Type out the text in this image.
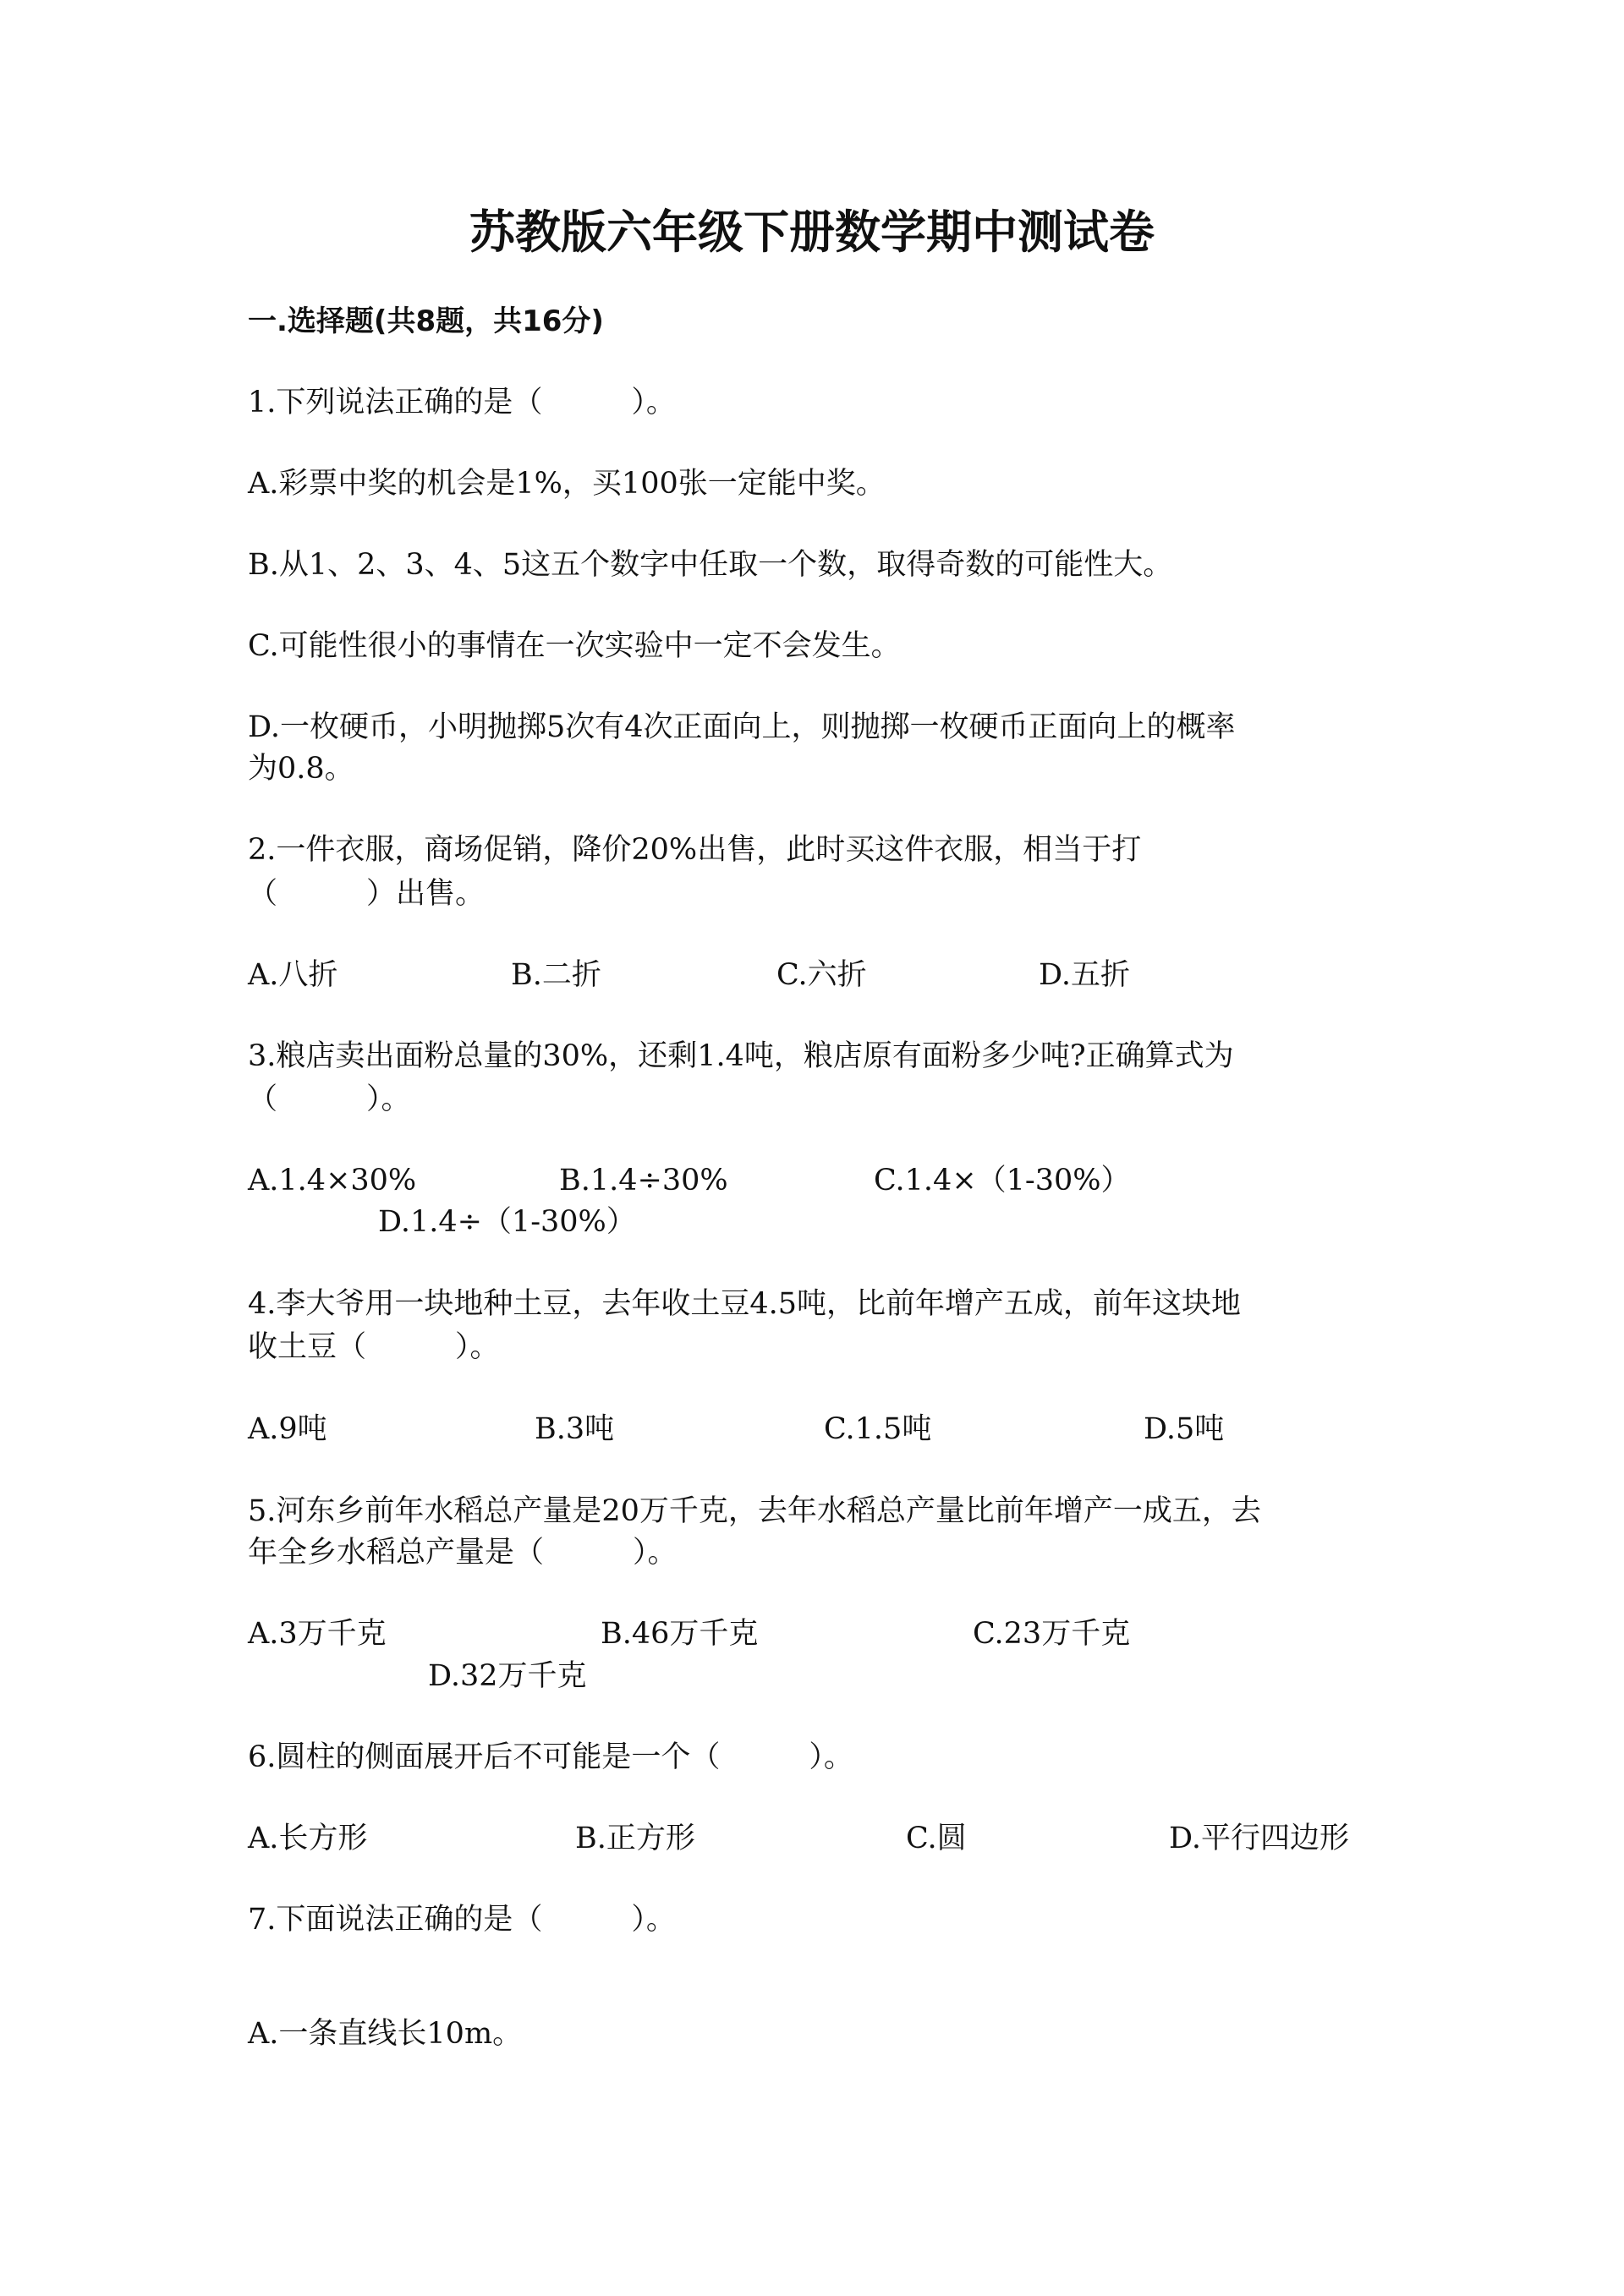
苏教版六年级下册数学期中测试卷
一.选择题(共8题，共16分)
1.下列说法正确的是（　　　）。
A.彩票中奖的机会是1%，买100张一定能中奖。
B.从1、2、3、4、5这五个数字中任取一个数，取得奇数的可能性大。
C.可能性很小的事情在一次实验中一定不会发生。
D.一枚硬币，小明抛掷5次有4次正面向上，则抛掷一枚硬币正面向上的概率
为0.8。
2.一件衣服，商场促销，降价20%出售，此时买这件衣服，相当于打
（　　　）出售。
A.八折	B.二折	C.六折	D.五折
3.粮店卖出面粉总量的30%，还剩1.4吨，粮店原有面粉多少吨?正确算式为
（　　　）。
A.1.4×30%	B.1.4÷30%	C.1.4×（1-30%）
D.1.4÷（1-30%）
4.李大爷用一块地种土豆，去年收土豆4.5吨，比前年增产五成，前年这块地
收土豆（　　　）。
A.9吨	B.3吨	C.1.5吨	D.5吨
5.河东乡前年水稻总产量是20万千克，去年水稻总产量比前年增产一成五，去
年全乡水稻总产量是（　　　）。
A.3万千克	B.46万千克	C.23万千克
D.32万千克
6.圆柱的侧面展开后不可能是一个（　　　）。
A.长方形	B.正方形	C.圆	D.平行四边形
7.下面说法正确的是（　　　）。
A.一条直线长10m。
